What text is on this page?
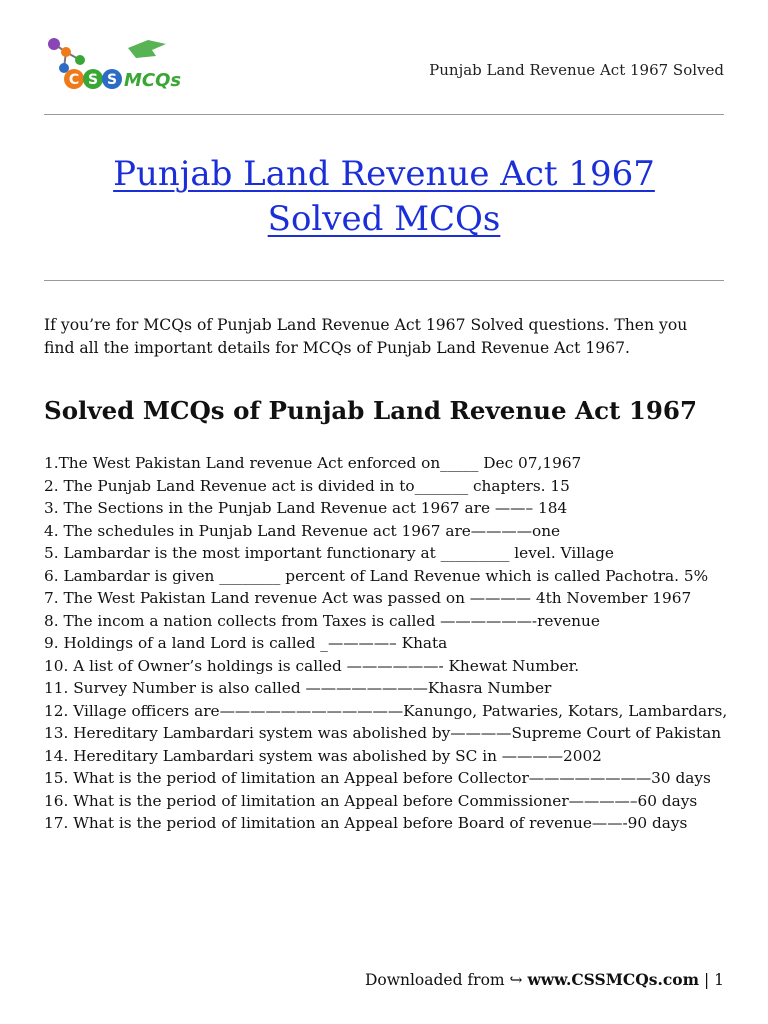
C S S MCQs	Punjab Land Revenue Act 1967 Solved
Punjab Land Revenue Act 1967
Solved MCQs
If you’re for MCQs of Punjab Land Revenue Act 1967 Solved questions. Then you
find all the important details for MCQs of Punjab Land Revenue Act 1967.
Solved MCQs of Punjab Land Revenue Act 1967

1.The West Pakistan Land revenue Act enforced on_____ Dec 07,1967

2. The Punjab Land Revenue act is divided in to_______ chapters. 15

3. The Sections in the Punjab Land Revenue act 1967 are ——– 184

4. The schedules in Punjab Land Revenue act 1967 are————one

5. Lambardar is the most important functionary at _________ level. Village

6. Lambardar is given ________ percent of Land Revenue which is called Pachotra. 5%

7. The West Pakistan Land revenue Act was passed on ———— 4th November 1967

8. The incom a nation collects from Taxes is called ——————-revenue

9. Holdings of a land Lord is called _————– Khata

10. A list of Owner’s holdings is called ——————- Khewat Number.

11. Survey Number is also called ————————Khasra Number

12. Village officers are————————————Kanungo, Patwaries, Kotars, Lambardars,

13. Hereditary Lambardari system was abolished by————Supreme Court of Pakistan

14. Hereditary Lambardari system was abolished by SC in ————2002

15. What is the period of limitation an Appeal before Collector————————30 days

16. What is the period of limitation an Appeal before Commissioner————–60 days

17. What is the period of limitation an Appeal before Board of revenue——-90 days

Downloaded from ↪ www.CSSMCQs.com | 1
